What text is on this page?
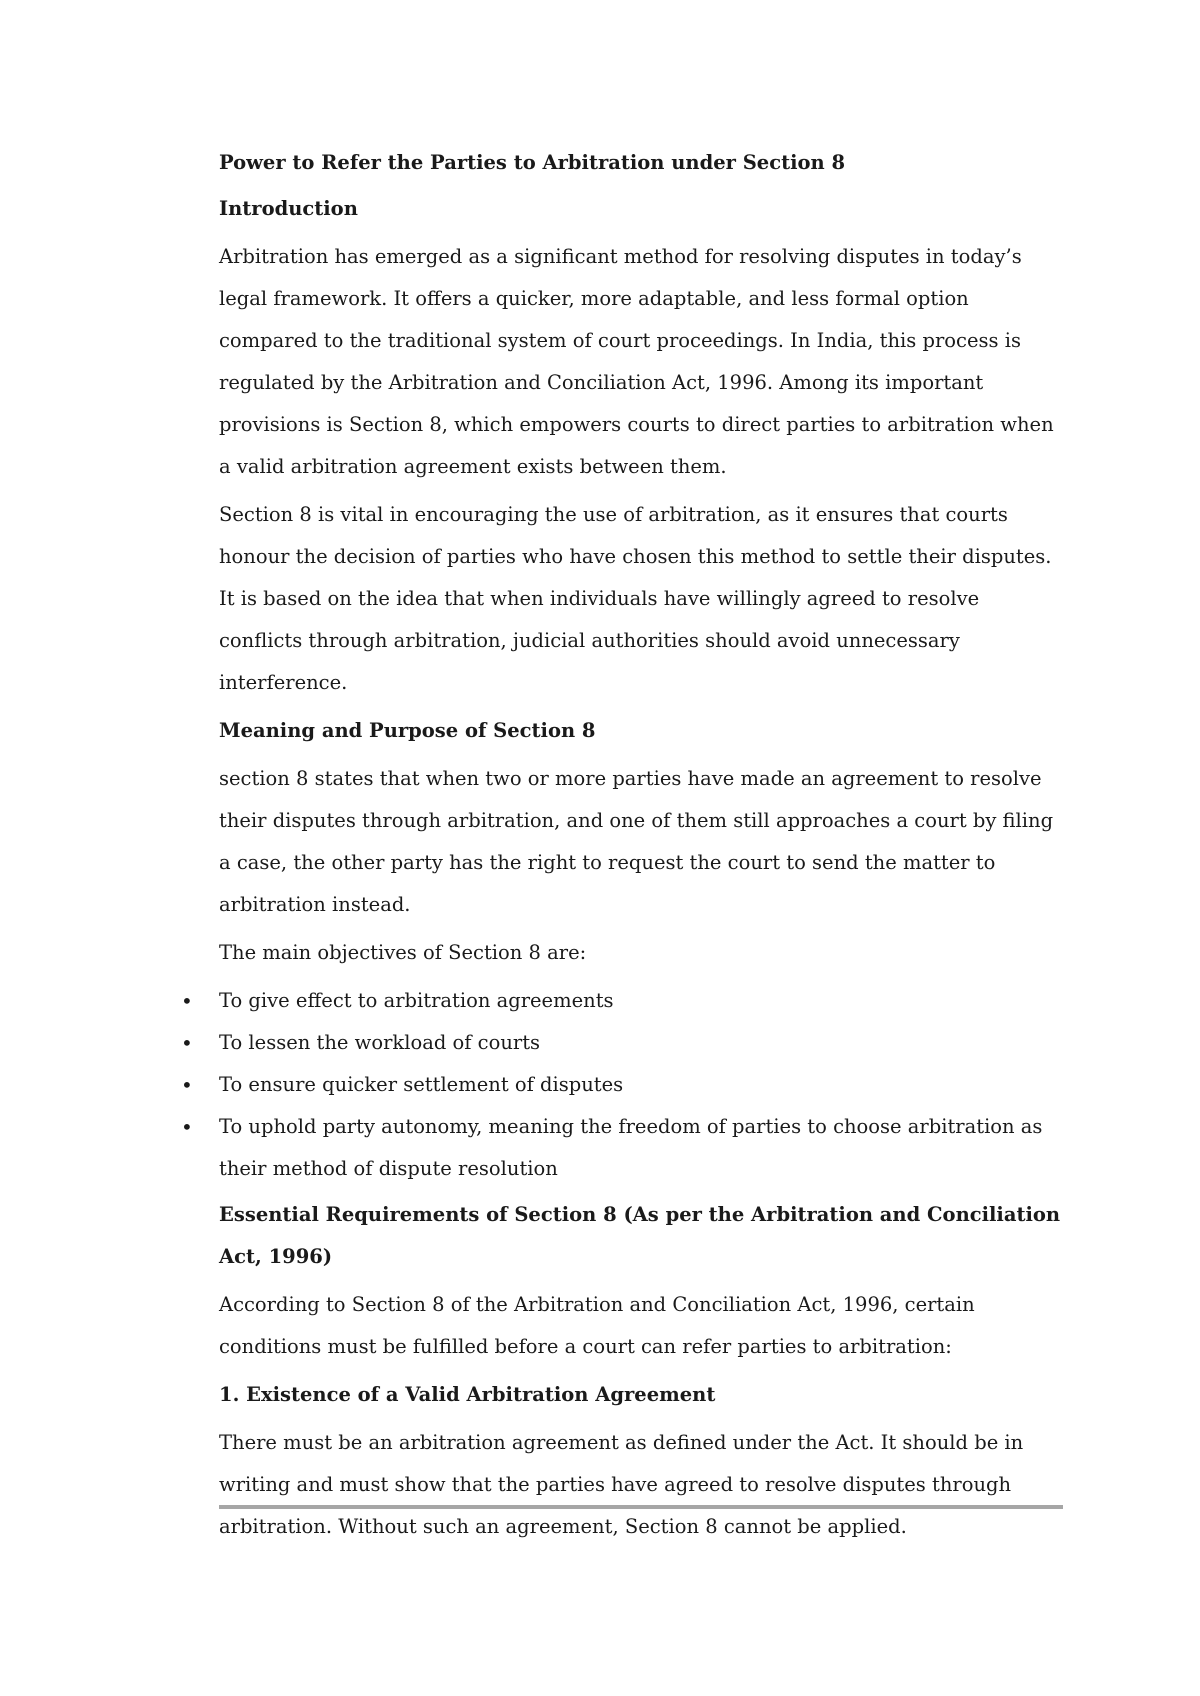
Power to Refer the Parties to Arbitration under Section 8
Introduction

Arbitration has emerged as a significant method for resolving disputes in today’s legal framework. It offers a quicker, more adaptable, and less formal option compared to the traditional system of court proceedings. In India, this process is regulated by the Arbitration and Conciliation Act, 1996. Among its important provisions is Section 8, which empowers courts to direct parties to arbitration when a valid arbitration agreement exists between them.

Section 8 is vital in encouraging the use of arbitration, as it ensures that courts honour the decision of parties who have chosen this method to settle their disputes. It is based on the idea that when individuals have willingly agreed to resolve conflicts through arbitration, judicial authorities should avoid unnecessary interference.

Meaning and Purpose of Section 8

section 8 states that when two or more parties have made an agreement to resolve their disputes through arbitration, and one of them still approaches a court by filing a case, the other party has the right to request the court to send the matter to arbitration instead.

The main objectives of Section 8 are:

• To give effect to arbitration agreements
• To lessen the workload of courts
• To ensure quicker settlement of disputes
• To uphold party autonomy, meaning the freedom of parties to choose arbitration as their method of dispute resolution
Essential Requirements of Section 8 (As per the Arbitration and Conciliation Act, 1996)

According to Section 8 of the Arbitration and Conciliation Act, 1996, certain conditions must be fulfilled before a court can refer parties to arbitration:

1. Existence of a Valid Arbitration Agreement

There must be an arbitration agreement as defined under the Act. It should be in writing and must show that the parties have agreed to resolve disputes through arbitration. Without such an agreement, Section 8 cannot be applied.
